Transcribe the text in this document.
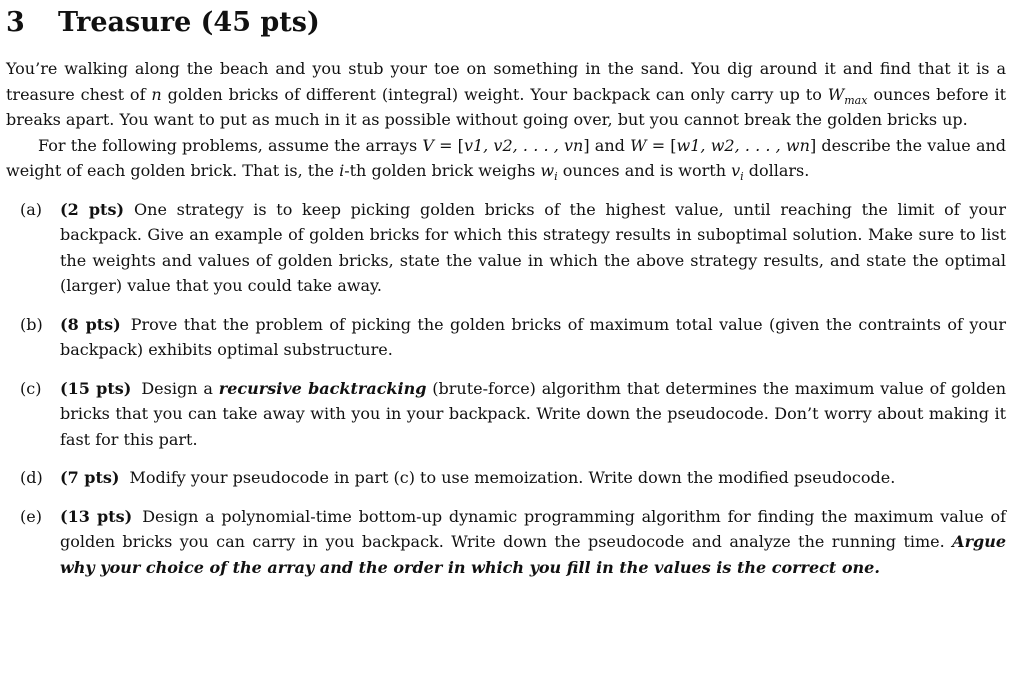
3	Treasure (45 pts)

You’re walking along the beach and you stub your toe on something in the sand. You dig around it and find that it is a treasure chest of n golden bricks of different (integral) weight. Your backpack can only carry up to $W_{max}$ ounces before it breaks apart. You want to put as much in it as possible without going over, but you cannot break the golden bricks up.

For the following problems, assume the arrays V = [v1, v2, . . . , vn] and W = [w1, w2, . . . , wn] describe the value and weight of each golden brick. That is, the i-th golden brick weighs $w_i$ ounces and is worth $v_i$ dollars.

(a)	(2 pts) One strategy is to keep picking golden bricks of the highest value, until reaching the limit of your backpack. Give an example of golden bricks for which this strategy results in suboptimal solution. Make sure to list the weights and values of golden bricks, state the value in which the above strategy results, and state the optimal (larger) value that you could take away.
(b)	(8 pts) Prove that the problem of picking the golden bricks of maximum total value (given the contraints of your backpack) exhibits optimal substructure.
(c)	(15 pts) Design a recursive backtracking (brute-force) algorithm that determines the maximum value of golden bricks that you can take away with you in your backpack. Write down the pseudocode. Don’t worry about making it fast for this part.
(d)	(7 pts) Modify your pseudocode in part (c) to use memoization. Write down the modified pseudocode.
(e)	(13 pts) Design a polynomial-time bottom-up dynamic programming algorithm for finding the maximum value of golden bricks you can carry in you backpack. Write down the pseudocode and analyze the running time. Argue why your choice of the array and the order in which you fill in the values is the correct one.
